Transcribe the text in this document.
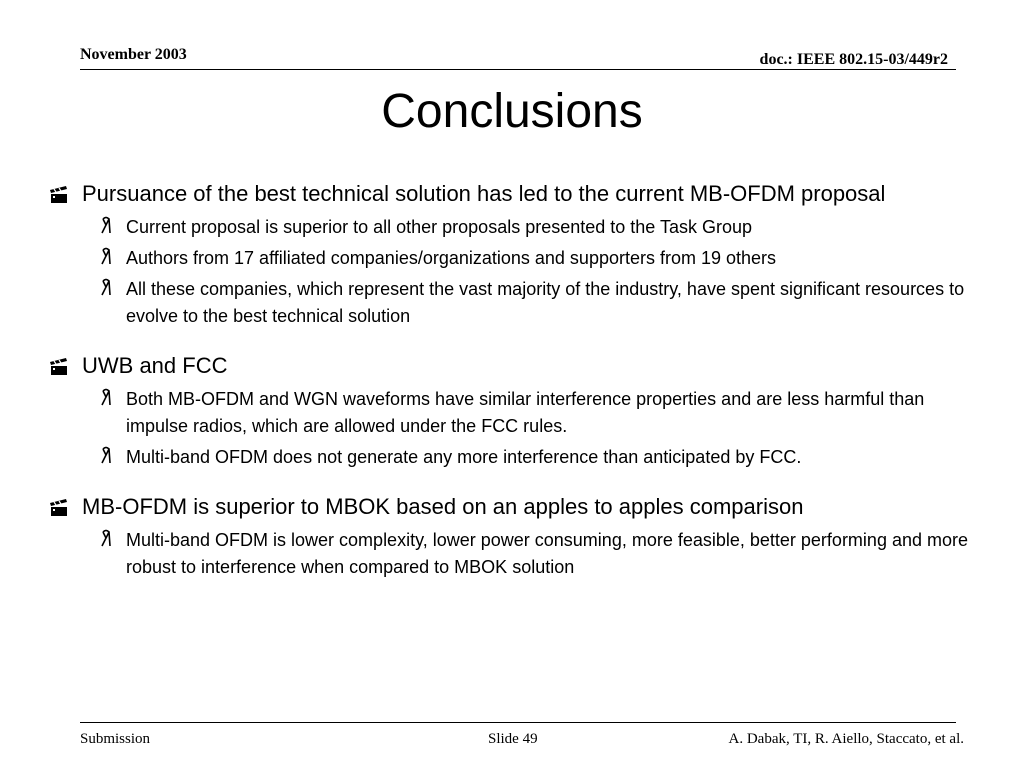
November 2003	doc.: IEEE 802.15-03/449r2
Conclusions
Pursuance of the best technical solution has led to the current MB-OFDM proposal
Current proposal is superior to all other proposals presented to the Task Group
Authors from 17 affiliated companies/organizations and supporters from 19 others
All these companies, which represent the vast majority of the industry, have spent significant resources to evolve to the best technical solution
UWB and FCC
Both MB-OFDM and WGN waveforms have similar interference properties and are less harmful than impulse radios, which are allowed under the FCC rules.
Multi-band OFDM does not generate any more interference than anticipated by FCC.
MB-OFDM is superior to MBOK based on an apples to apples comparison
Multi-band OFDM is lower complexity, lower power consuming, more feasible, better performing and more robust to interference when compared to MBOK solution
Submission	Slide 49	A. Dabak, TI, R. Aiello, Staccato, et al.
